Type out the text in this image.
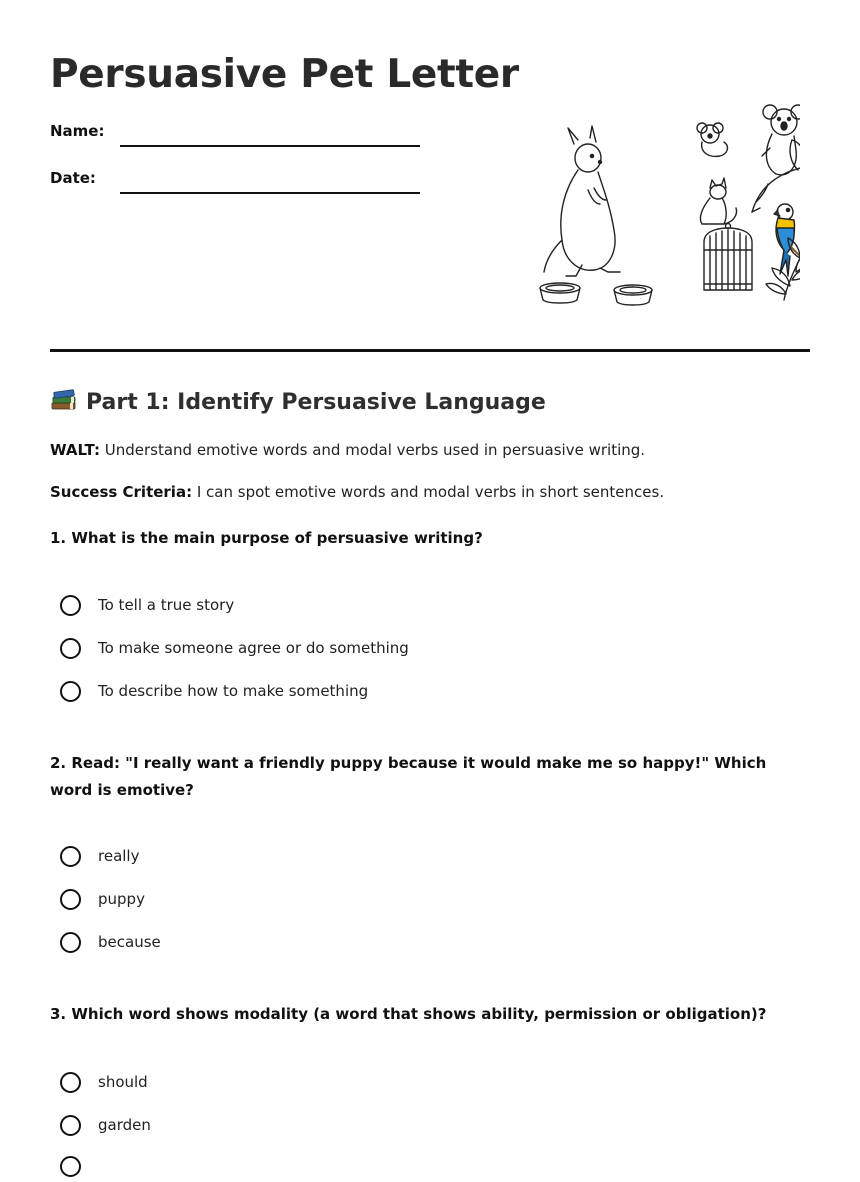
Persuasive Pet Letter
Name:
Date:
Part 1: Identify Persuasive Language
WALT: Understand emotive words and modal verbs used in persuasive writing.
Success Criteria: I can spot emotive words and modal verbs in short sentences.
1. What is the main purpose of persuasive writing?
To tell a true story
To make someone agree or do something
To describe how to make something
2. Read: "I really want a friendly puppy because it would make me so happy!" Which word is emotive?
really
puppy
because
3. Which word shows modality (a word that shows ability, permission or obligation)?
should
garden
